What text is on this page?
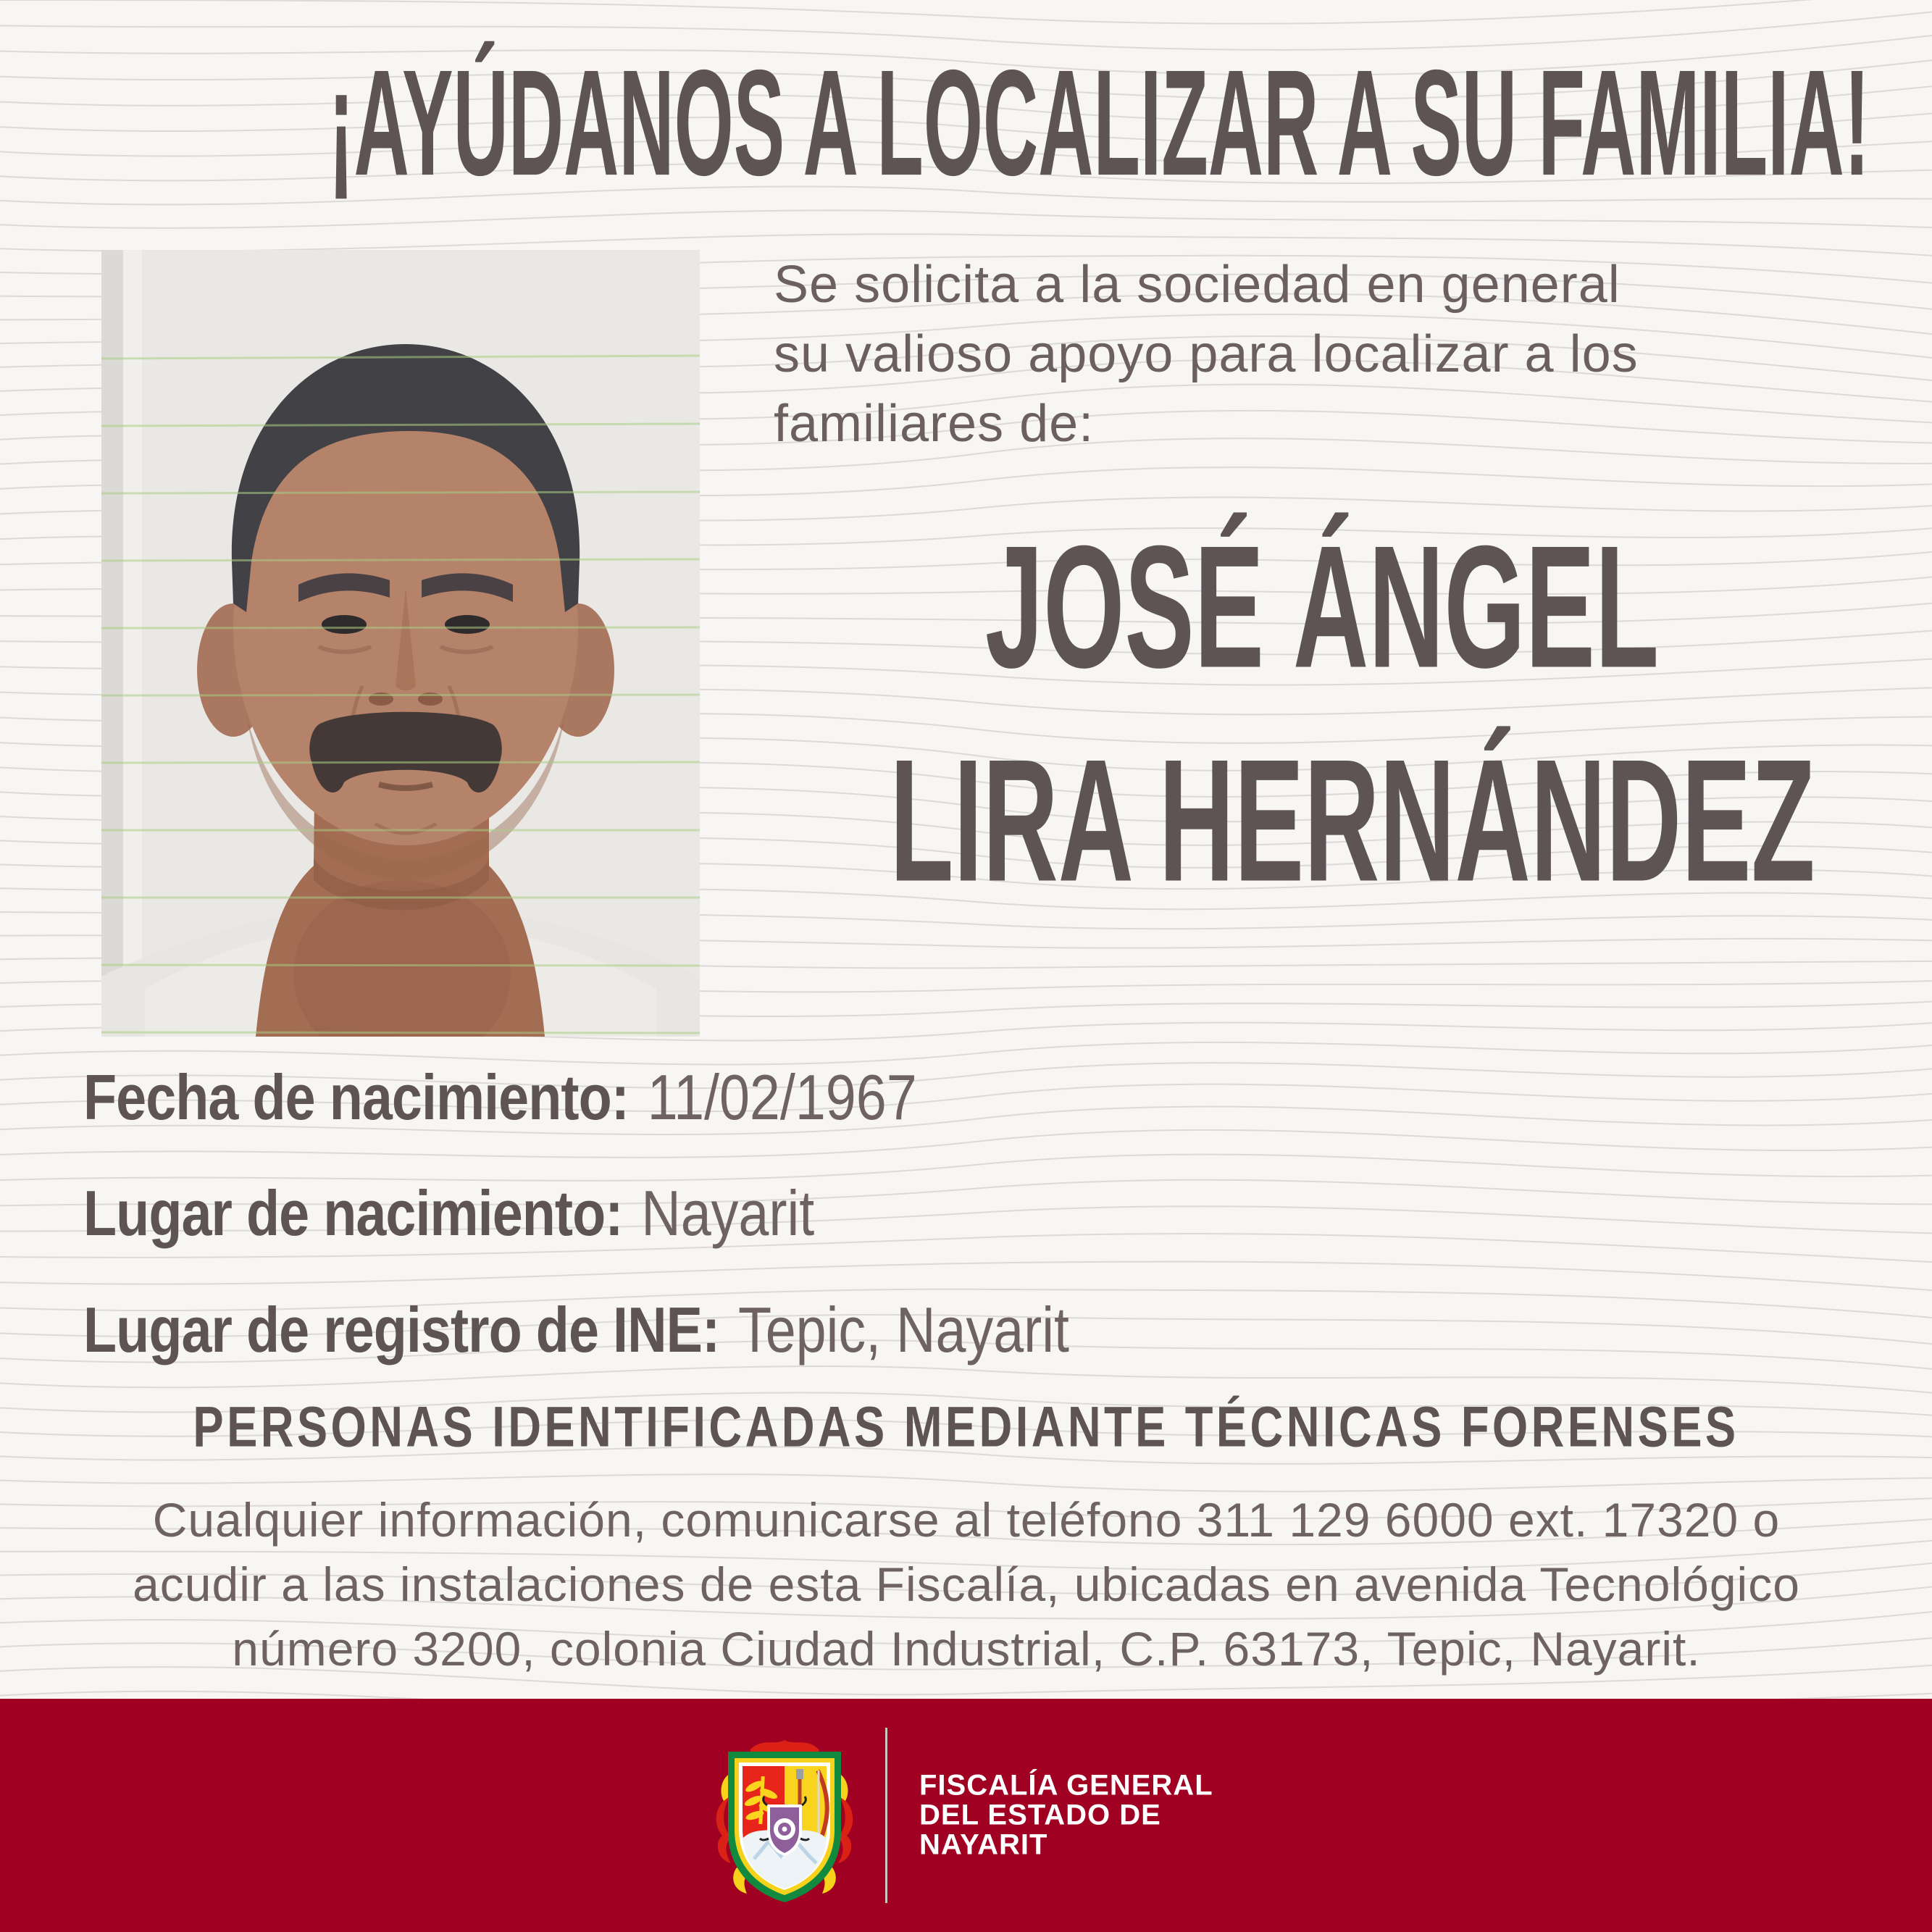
¡AYÚDANOS A LOCALIZAR A SU FAMILIA!
Se solicita a la sociedad en general
su valioso apoyo para localizar a los
familiares de:
JOSÉ ÁNGEL
LIRA HERNÁNDEZ
Fecha de nacimiento: 11/02/1967
Lugar de nacimiento: Nayarit
Lugar de registro de INE: Tepic, Nayarit
PERSONAS IDENTIFICADAS MEDIANTE TÉCNICAS FORENSES
Cualquier información, comunicarse al teléfono 311 129 6000 ext. 17320 o
acudir a las instalaciones de esta Fiscalía, ubicadas en avenida Tecnológico
número 3200, colonia Ciudad Industrial, C.P. 63173, Tepic, Nayarit.
FISCALÍA GENERAL
DEL ESTADO DE
NAYARIT
